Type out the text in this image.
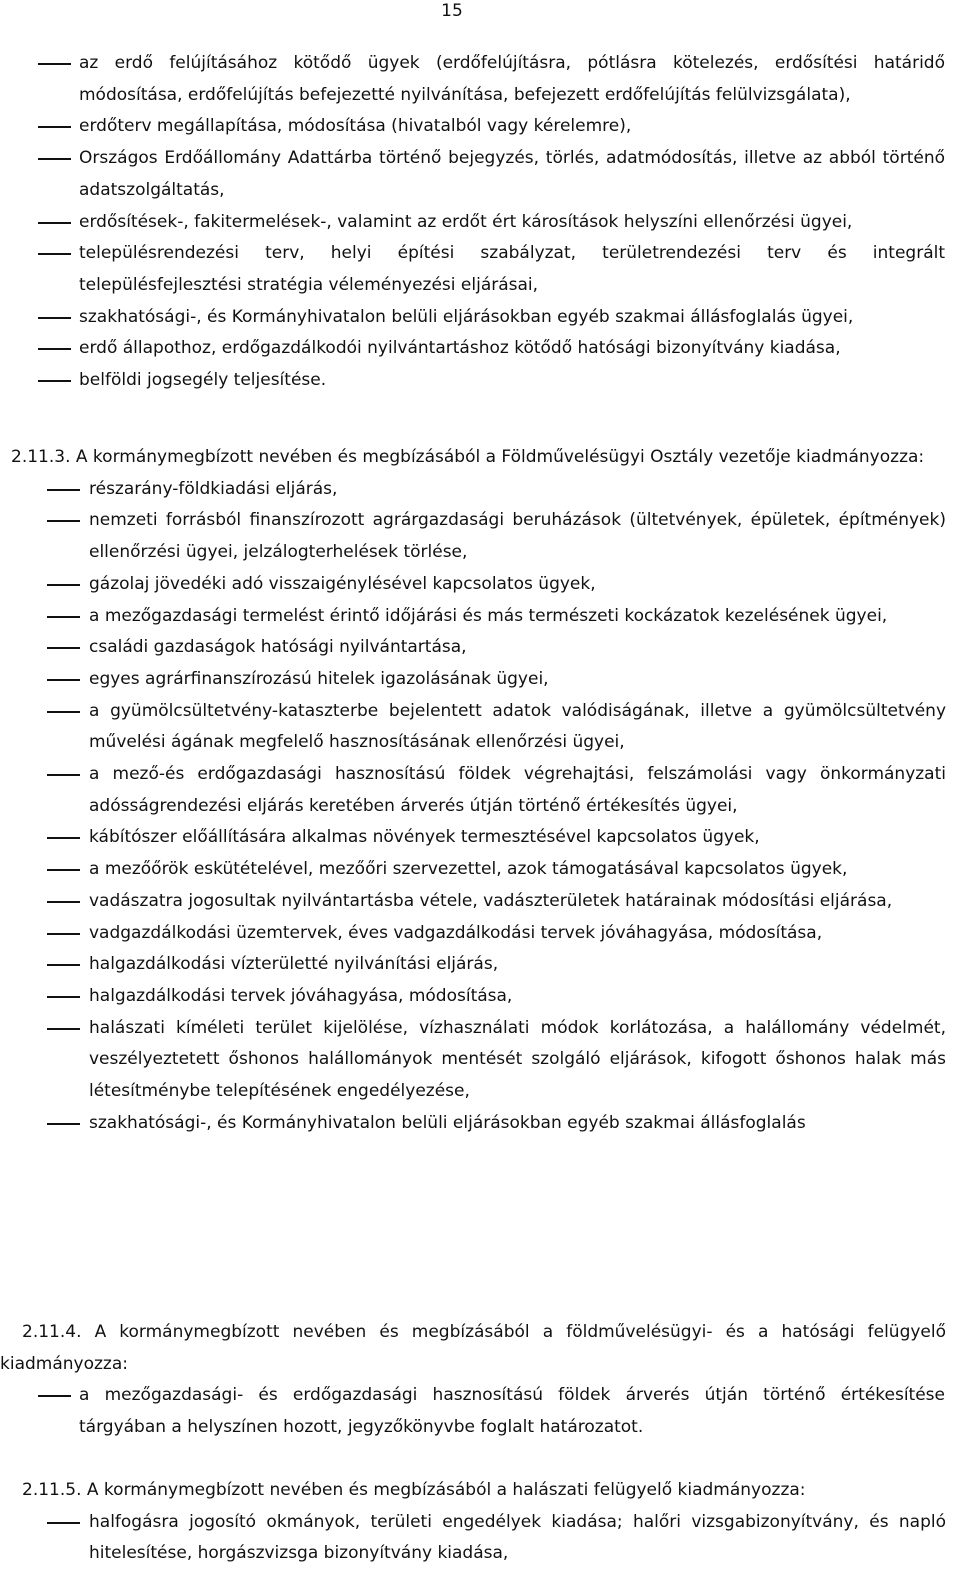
15
az erdő felújításához kötődő ügyek (erdőfelújításra, pótlásra kötelezés, erdősítési határidő módosítása, erdőfelújítás befejezetté nyilvánítása, befejezett erdőfelújítás felülvizsgálata),
erdőterv megállapítása, módosítása (hivatalból vagy kérelemre),
Országos Erdőállomány Adattárba történő bejegyzés, törlés, adatmódosítás, illetve az abból történő adatszolgáltatás,
erdősítések-, fakitermelések-, valamint az erdőt ért károsítások helyszíni ellenőrzési ügyei,
településrendezési terv, helyi építési szabályzat, területrendezési terv és integrált településfejlesztési stratégia véleményezési eljárásai,
szakhatósági-, és Kormányhivatalon belüli eljárásokban egyéb szakmai állásfoglalás ügyei,
erdő állapothoz, erdőgazdálkodói nyilvántartáshoz kötődő hatósági bizonyítvány kiadása,
belföldi jogsegély teljesítése.
2.11.3. A kormánymegbízott nevében és megbízásából a Földművelésügyi Osztály vezetője kiadmányozza:
részarány-földkiadási eljárás,
nemzeti forrásból finanszírozott agrárgazdasági beruházások (ültetvények, épületek, építmények) ellenőrzési ügyei, jelzálogterhelések törlése,
gázolaj jövedéki adó visszaigénylésével kapcsolatos ügyek,
a mezőgazdasági termelést érintő időjárási és más természeti kockázatok kezelésének ügyei,
családi gazdaságok hatósági nyilvántartása,
egyes agrárfinanszírozású hitelek igazolásának ügyei,
a gyümölcsültetvény-kataszterbe bejelentett adatok valódiságának, illetve a gyümölcsültetvény művelési ágának megfelelő hasznosításának ellenőrzési ügyei,
a mező-és erdőgazdasági hasznosítású földek végrehajtási, felszámolási vagy önkormányzati adósságrendezési eljárás keretében árverés útján történő értékesítés ügyei,
kábítószer előállítására alkalmas növények termesztésével kapcsolatos ügyek,
a mezőőrök eskütételével, mezőőri szervezettel, azok támogatásával kapcsolatos ügyek,
vadászatra jogosultak nyilvántartásba vétele, vadászterületek határainak módosítási eljárása,
vadgazdálkodási üzemtervek, éves vadgazdálkodási tervek jóváhagyása, módosítása,
halgazdálkodási vízterületté nyilvánítási eljárás,
halgazdálkodási tervek jóváhagyása, módosítása,
halászati kíméleti terület kijelölése, vízhasználati módok korlátozása, a halállomány védelmét, veszélyeztetett őshonos halállományok mentését szolgáló eljárások, kifogott őshonos halak más létesítménybe telepítésének engedélyezése,
szakhatósági-, és Kormányhivatalon belüli eljárásokban egyéb szakmai állásfoglalás
2.11.4. A kormánymegbízott nevében és megbízásából a földművelésügyi- és a hatósági felügyelő kiadmányozza:
a mezőgazdasági- és erdőgazdasági hasznosítású földek árverés útján történő értékesítése tárgyában a helyszínen hozott, jegyzőkönyvbe foglalt határozatot.
2.11.5. A kormánymegbízott nevében és megbízásából a halászati felügyelő kiadmányozza:
halfogásra jogosító okmányok, területi engedélyek kiadása; halőri vizsgabizonyítvány, és napló hitelesítése, horgászvizsga bizonyítvány kiadása,
